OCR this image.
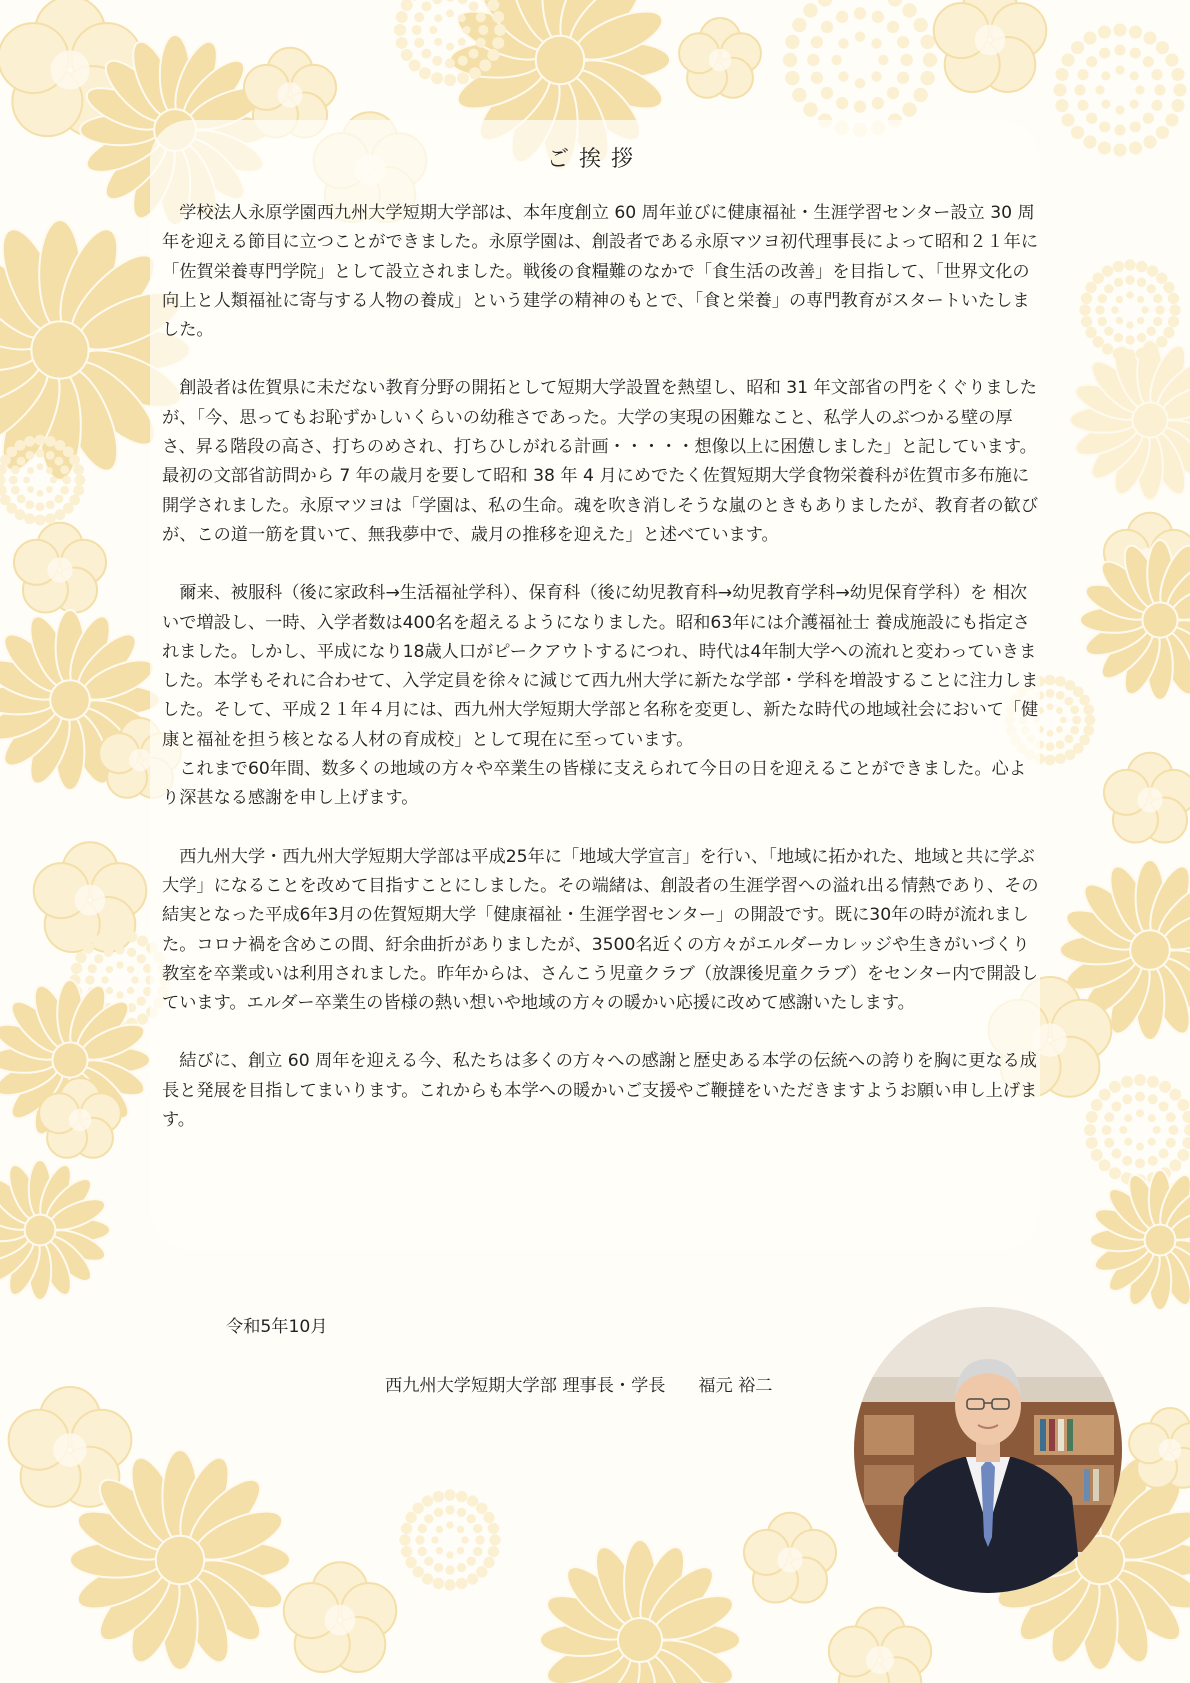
ご挨拶

学校法人永原学園西九州大学短期大学部は、本年度創立 60 周年並びに健康福祉・生涯学習センター設立 30 周年を迎える節目に立つことができました。永原学園は、創設者である永原マツヨ初代理事長によって昭和２１年に「佐賀栄養専門学院」として設立されました。戦後の食糧難のなかで「食生活の改善」を目指して、「世界文化の向上と人類福祉に寄与する人物の養成」という建学の精神のもとで、「食と栄養」の専門教育がスタートいたしました。

創設者は佐賀県に未だない教育分野の開拓として短期大学設置を熱望し、昭和 31 年文部省の門をくぐりましたが、「今、思ってもお恥ずかしいくらいの幼稚さであった。大学の実現の困難なこと、私学人のぶつかる壁の厚さ、昇る階段の高さ、打ちのめされ、打ちひしがれる計画・・・・・想像以上に困憊しました」と記しています。最初の文部省訪問から 7 年の歳月を要して昭和 38 年 4 月にめでたく佐賀短期大学食物栄養科が佐賀市多布施に開学されました。永原マツヨは「学園は、私の生命。魂を吹き消しそうな嵐のときもありましたが、教育者の歓びが、この道一筋を貫いて、無我夢中で、歳月の推移を迎えた」と述べています。

爾来、被服科（後に家政科→生活福祉学科）、保育科（後に幼児教育科→幼児教育学科→幼児保育学科）を 相次いで増設し、一時、入学者数は400名を超えるようになりました。昭和63年には介護福祉士 養成施設にも指定されました。しかし、平成になり18歳人口がピークアウトするにつれ、時代は4年制大学への流れと変わっていきました。本学もそれに合わせて、入学定員を徐々に減じて西九州大学に新たな学部・学科を増設することに注力しました。そして、平成２１年４月には、西九州大学短期大学部と名称を変更し、新たな時代の地域社会において「健康と福祉を担う核となる人材の育成校」として現在に至っています。

これまで60年間、数多くの地域の方々や卒業生の皆様に支えられて今日の日を迎えることができました。心より深甚なる感謝を申し上げます。

西九州大学・西九州大学短期大学部は平成25年に「地域大学宣言」を行い、「地域に拓かれた、地域と共に学ぶ大学」になることを改めて目指すことにしました。その端緒は、創設者の生涯学習への溢れ出る情熱であり、その結実となった平成6年3月の佐賀短期大学「健康福祉・生涯学習センター」の開設です。既に30年の時が流れました。コロナ禍を含めこの間、紆余曲折がありましたが、3500名近くの方々がエルダーカレッジや生きがいづくり教室を卒業或いは利用されました。昨年からは、さんこう児童クラブ（放課後児童クラブ）をセンター内で開設しています。エルダー卒業生の皆様の熱い想いや地域の方々の暖かい応援に改めて感謝いたします。

結びに、創立 60 周年を迎える今、私たちは多くの方々への感謝と歴史ある本学の伝統への誇りを胸に更なる成長と発展を目指してまいります。これからも本学への暖かいご支援やご鞭撻をいただきますようお願い申し上げます。

令和5年10月
西九州大学短期大学部 理事長・学長 福元 裕二
